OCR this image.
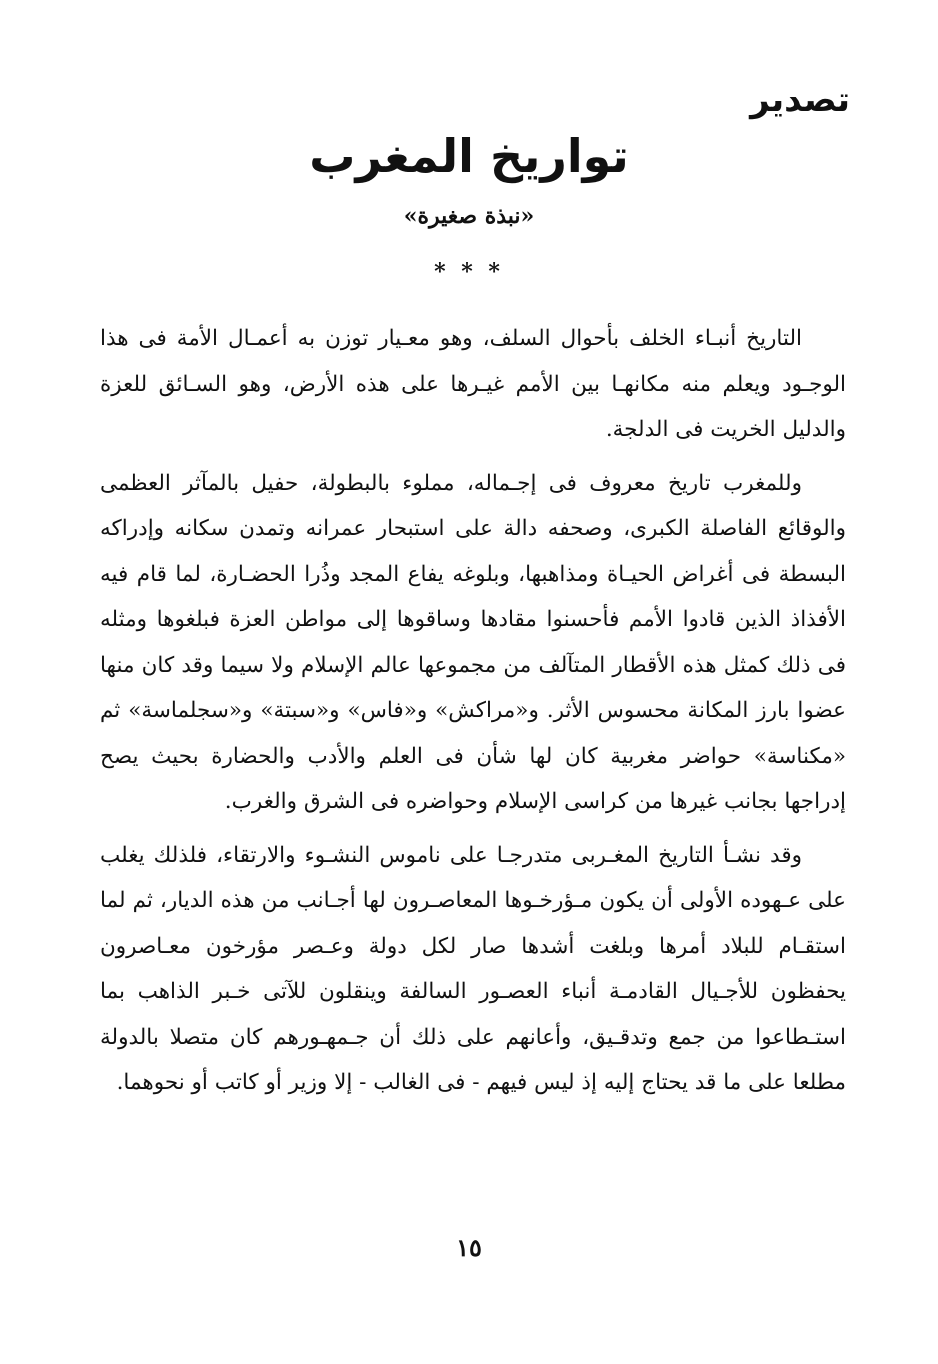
تصدير
تواريخ المغرب

«نبذة صغيرة»

* * *

التاريخ أنبـاء الخلف بأحوال السلف، وهو معـيار توزن به أعمـال الأمة فى هذا الوجـود ويعلم منه مكانهـا بين الأمم غيـرها على هذه الأرض، وهو السـائق للعزة والدليل الخريت فى الدلجة.

وللمغرب تاريخ معروف فى إجـماله، مملوء بالبطولة، حفيل بالمآثر العظمى والوقائع الفاصلة الكبرى، وصحفه دالة على استبحار عمرانه وتمدن سكانه وإدراكه البسطة فى أغراض الحيـاة ومذاهبها، وبلوغه يفاع المجد وذُرا الحضـارة، لما قام فيه الأفذاذ الذين قادوا الأمم فأحسنوا مقادها وساقوها إلى مواطن العزة فبلغوها ومثله فى ذلك كمثل هذه الأقطار المتآلف من مجموعها عالم الإسلام ولا سيما وقد كان منها عضوا بارز المكانة محسوس الأثر. و«مراكش» و«فاس» و«سبتة» و«سجلماسة» ثم «مكناسة» حواضر مغربية كان لها شأن فى العلم والأدب والحضارة بحيث يصح إدراجها بجانب غيرها من كراسى الإسلام وحواضره فى الشرق والغرب.

وقد نشـأ التاريخ المغـربى متدرجـا على ناموس النشـوء والارتقاء، فلذلك يغلب على عـهوده الأولى أن يكون مـؤرخـوها المعاصـرون لها أجـانب من هذه الديار، ثم لما استقـام للبلاد أمرها وبلغت أشدها صار لكل دولة وعـصر مؤرخون معـاصرون يحفظون للأجـيال القادمـة أنباء العصـور السالفة وينقلون للآتى خـبر الذاهب بما استـطاعوا من جمع وتدقـيق، وأعانهم على ذلك أن جـمهـورهم كان متصلا بالدولة مطلعا على ما قد يحتاج إليه إذ ليس فيهم - فى الغالب - إلا وزير أو كاتب أو نحوهما.

١٥
